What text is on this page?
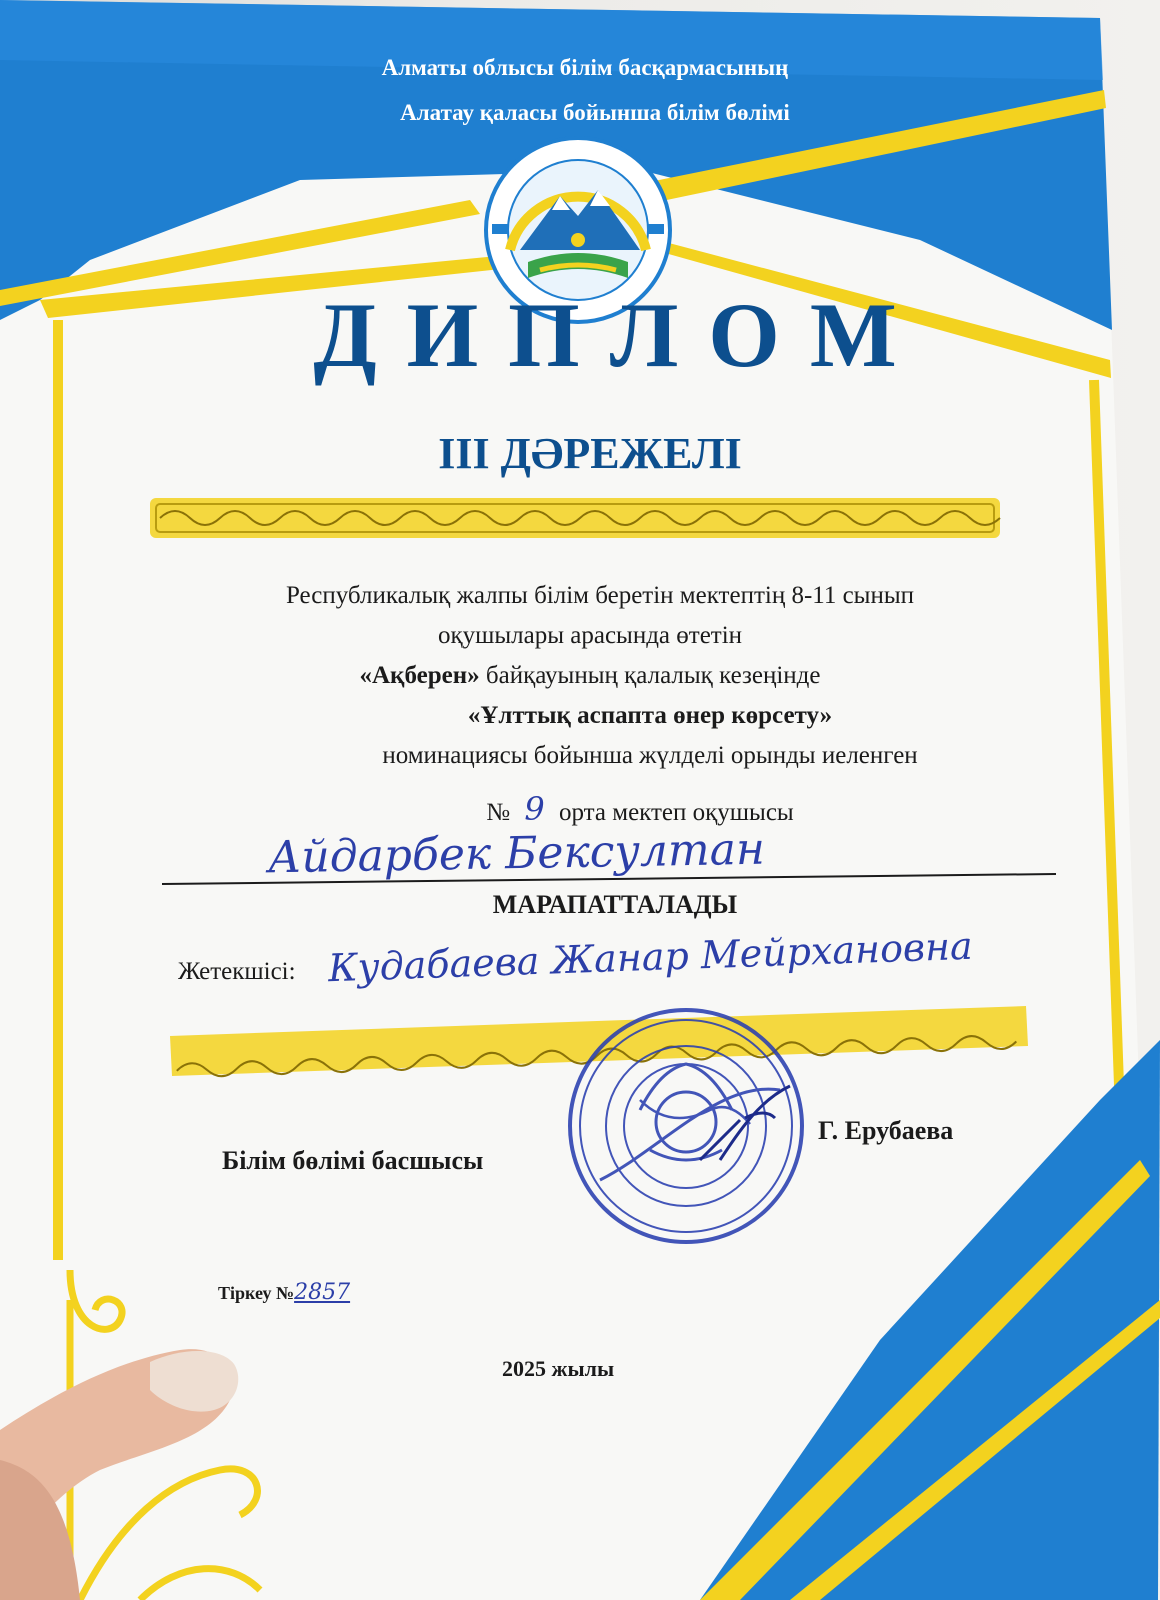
Алматы облысы білім басқармасының
Алатау қаласы бойынша білім бөлімі
ДИПЛОМ
ІІІ ДӘРЕЖЕЛІ
Республикалық жалпы білім беретін мектептің 8-11 сынып
оқушылары арасында өтетін
«Ақберен» байқауының қалалық кезеңінде
«Ұлттық аспапта өнер көрсету»
номинациясы бойынша жүлделі орынды иеленген
№ 9 орта мектеп оқушысы
Айдарбек Бексултан
МАРАПАТТАЛАДЫ
Жетекшісі: Кудабаева Жанар Мейрхановна
Білім бөлімі басшысы
Г. Ерубаева
Тіркеу №2857
2025 жылы
